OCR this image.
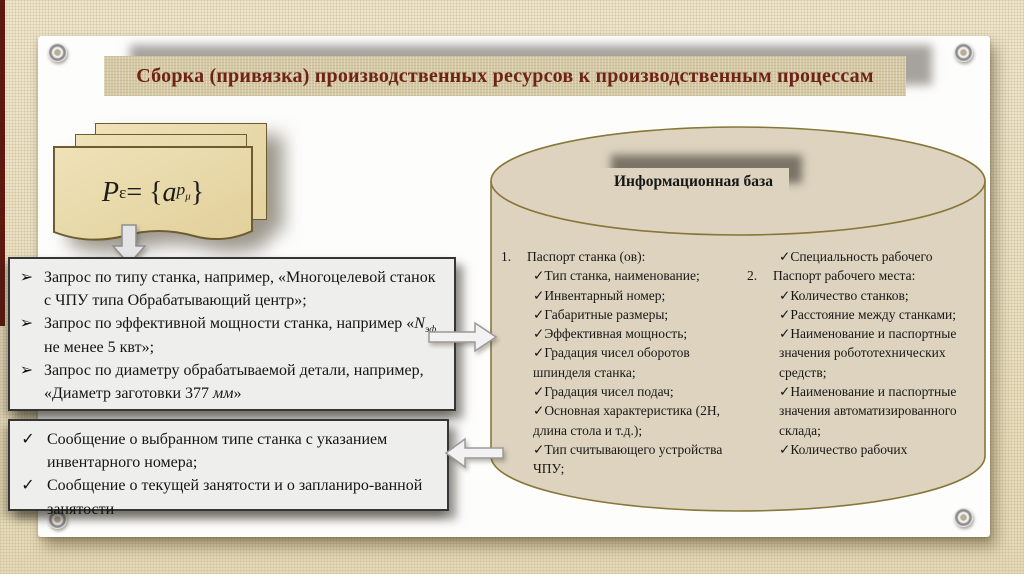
Сборка (привязка) производственных ресурсов к производственным процессам
P ε = { a $p_\mu$ }	Информационная база
1.	Паспорт станка (ов):
✓Тип станка, наименование;
✓Инвентарный номер;
✓Габаритные размеры;
✓Эффективная мощность;
✓Градация чисел оборотов шпинделя станка;
✓Градация чисел подач;
✓Основная характеристика (2Н, длина стола и т.д.);
✓Тип считывающего устройства ЧПУ;
✓Специальность рабочего
2.	Паспорт рабочего места:
✓Количество станков;
✓Расстояние между станками;
✓Наименование и паспортные значения робототехнических средств;
✓Наименование и паспортные значения автоматизированного склада;
✓Количество рабочих
➢ Запрос по типу станка, например, «Многоцелевой станок с ЧПУ типа Обрабатывающий центр»;
➢ Запрос по эффективной мощности станка, например «$N_{эф}$ не менее 5 квт»;
➢ Запрос по диаметру обрабатываемой детали, например, «Диаметр заготовки 377 мм»
✓ Сообщение о выбранном типе станка с указанием инвентарного номера;
✓ Сообщение о текущей занятости и о запланиро-ванной занятости
